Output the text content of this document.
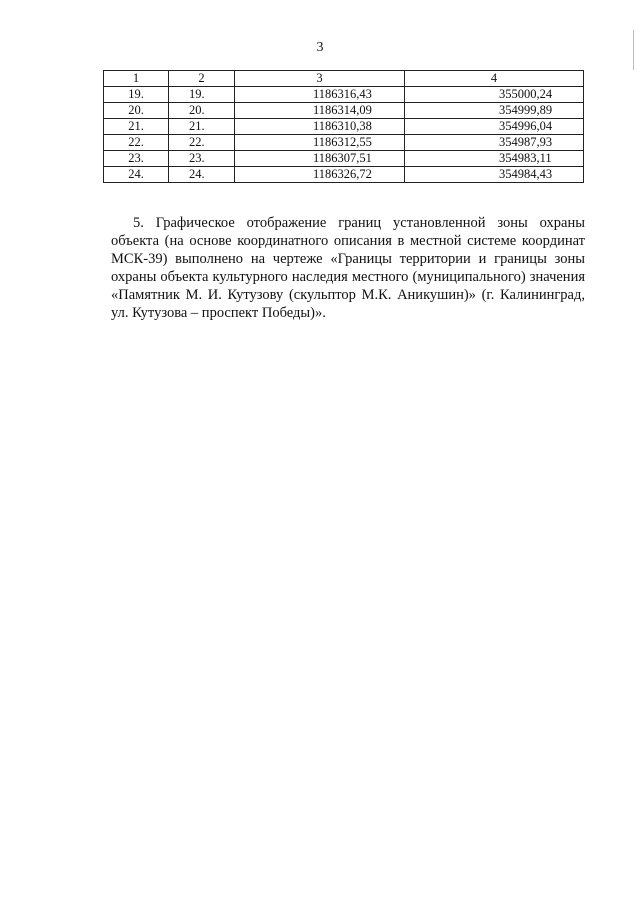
3
1	2	3	4
19.	19.	1186316,43	355000,24
20.	20.	1186314,09	354999,89
21.	21.	1186310,38	354996,04
22.	22.	1186312,55	354987,93
23.	23.	1186307,51	354983,11
24.	24.	1186326,72	354984,43

5. Графическое отображение границ установленной зоны охраны объекта (на основе координатного описания в местной системе координат МСК-39) выполнено на чертеже «Границы территории и границы зоны охраны объекта культурного наследия местного (муниципального) значения «Памятник М. И. Кутузову (скульптор М.К. Аникушин)» (г. Калининград, ул. Кутузова – проспект Победы)».
